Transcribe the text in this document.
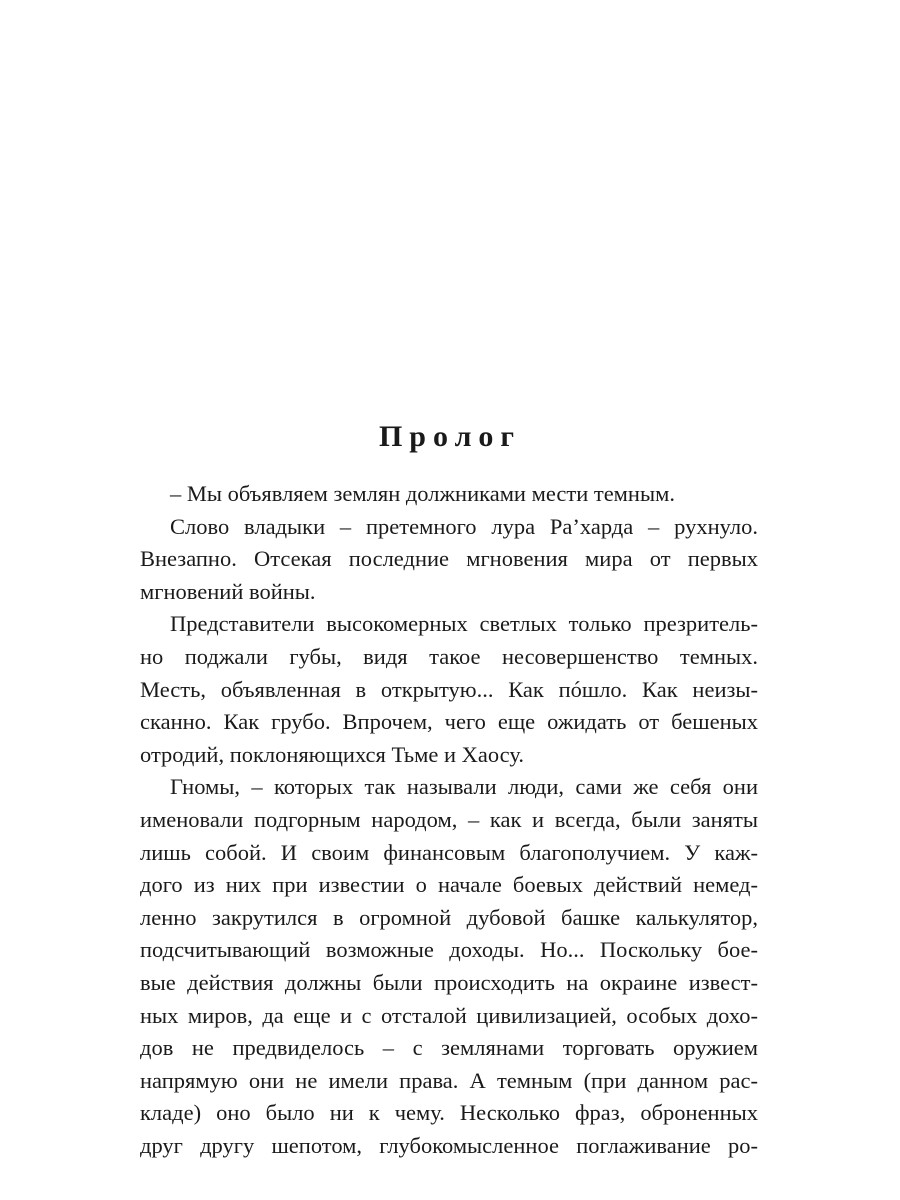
Пролог
– Мы объявляем землян должниками мести темным.
Слово владыки – претемного лура Ра’харда – рухнуло.
Внезапно. Отсекая последние мгновения мира от первых
мгновений войны.
Представители высокомерных светлых только презритель-
но поджали губы, видя такое несовершенство темных.
Месть, объявленная в открытую... Как пóшло. Как неизы-
сканно. Как грубо. Впрочем, чего еще ожидать от бешеных
отродий, поклоняющихся Тьме и Хаосу.
Гномы, – которых так называли люди, сами же себя они
именовали подгорным народом, – как и всегда, были заняты
лишь собой. И своим финансовым благополучием. У каж-
дого из них при известии о начале боевых действий немед-
ленно закрутился в огромной дубовой башке калькулятор,
подсчитывающий возможные доходы. Но... Поскольку бое-
вые действия должны были происходить на окраине извест-
ных миров, да еще и с отсталой цивилизацией, особых дохо-
дов не предвиделось – с землянами торговать оружием
напрямую они не имели права. А темным (при данном рас-
кладе) оно было ни к чему. Несколько фраз, оброненных
друг другу шепотом, глубокомысленное поглаживание ро-
